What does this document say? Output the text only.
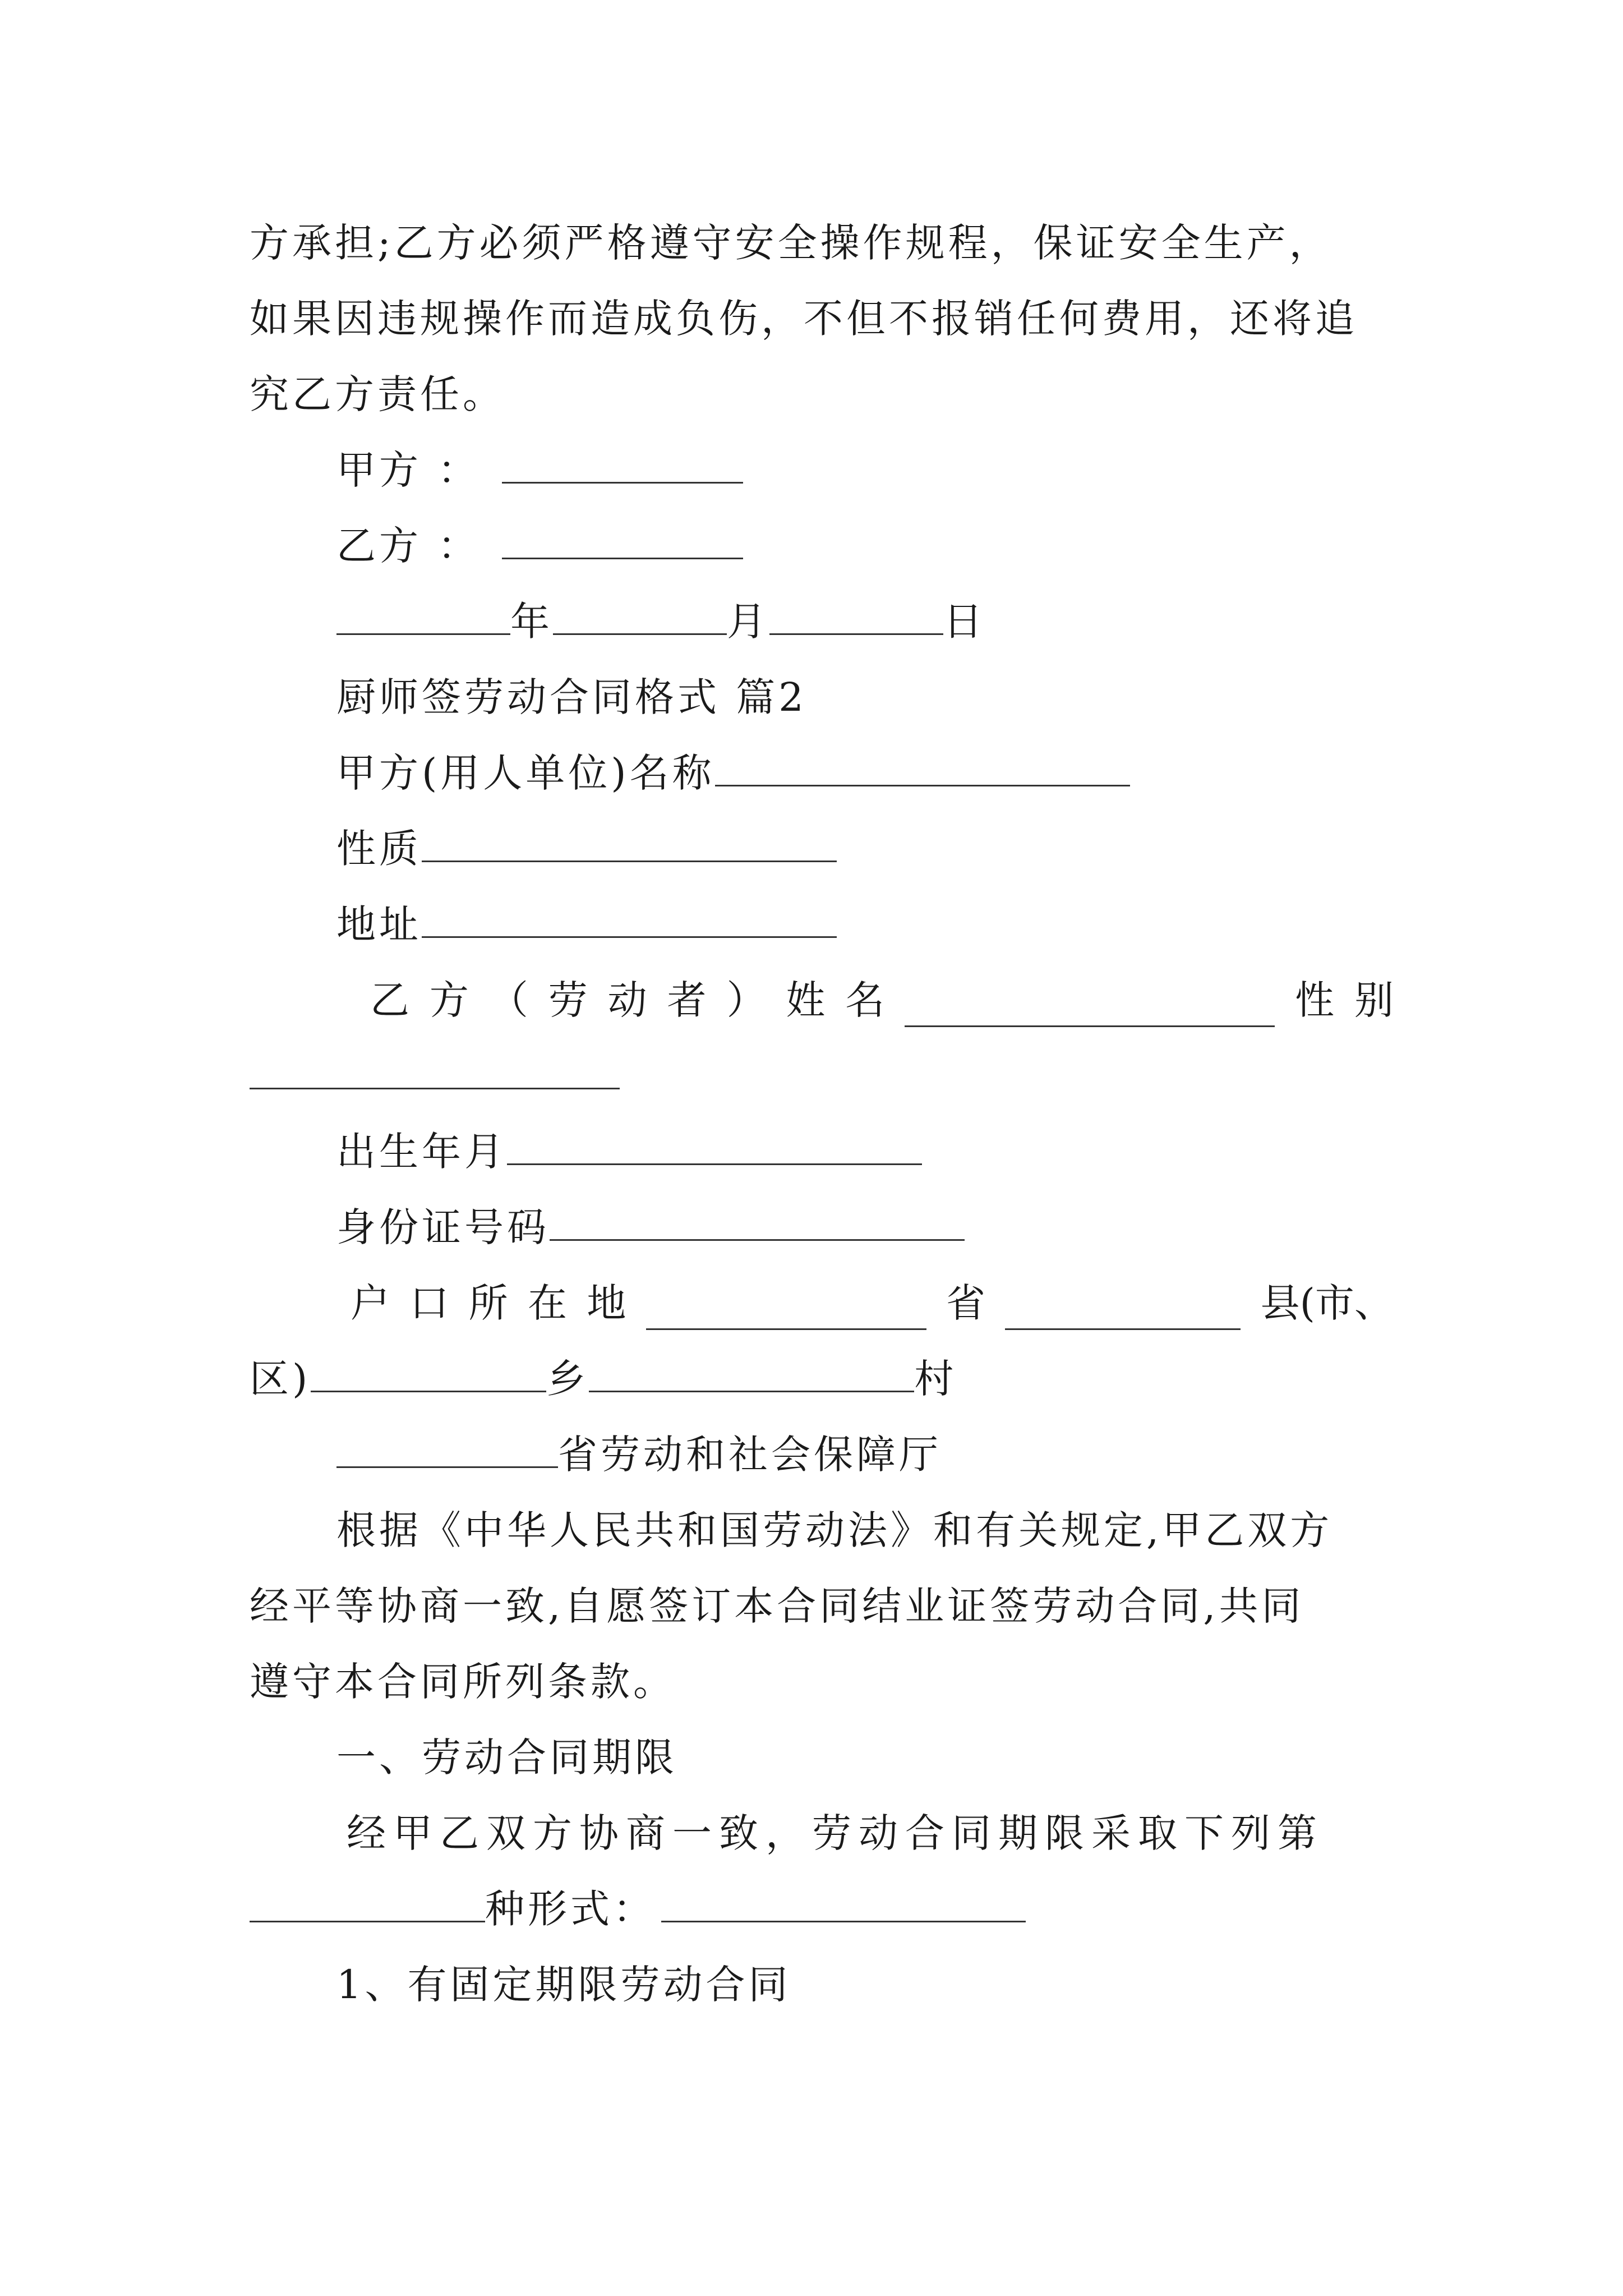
方承担;乙方必须严格遵守安全操作规程，保证安全生产，
如果因违规操作而造成负伤，不但不报销任何费用，还将追
究乙方责任。
甲方 ：
乙方 ：
年	月	日
厨师签劳动合同格式 篇2
甲方(用人单位)名称
性质
地址
乙 方 （ 劳 动 者 ） 姓 名	性 别
出生年月
身份证号码
户 口 所 在 地	省	县(市、
区)	乡	村
省劳动和社会保障厅
根据《中华人民共和国劳动法》和有关规定,甲乙双方
经平等协商一致,自愿签订本合同结业证签劳动合同,共同
遵守本合同所列条款。
一、劳动合同期限
经甲乙双方协商一致，劳动合同期限采取下列第
种形式：
1、有固定期限劳动合同
